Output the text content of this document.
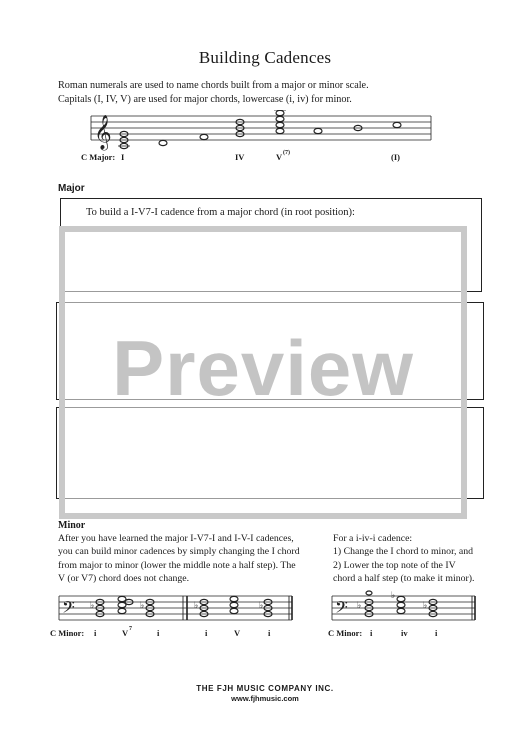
Building Cadences
Roman numerals are used to name chords built from a major or minor scale.
Capitals (I, IV, V) are used for major chords, lowercase (i, iv) for minor.
𝄞
C Major: I	IV	V (7)	(I)
Major
To build a I-V7-I cadence from a major chord (in root position):
Preview
Minor
After you have learned the major I-V7-I and I-V-I cadences,
you can build minor cadences by simply changing the I chord
from major to minor (lower the middle note a half step). The
V (or V7) chord does not change.
For a i-iv-i cadence:
1) Change the I chord to minor, and
2) Lower the top note of the IV
chord a half step (to make it minor).
𝄢 ♭	♭	♭	♭
C Minor: i	V 7	i	i	V	i
𝄢 ♭
♭
♭
C Minor: i	iv	i
THE FJH MUSIC COMPANY INC.
www.fjhmusic.com
